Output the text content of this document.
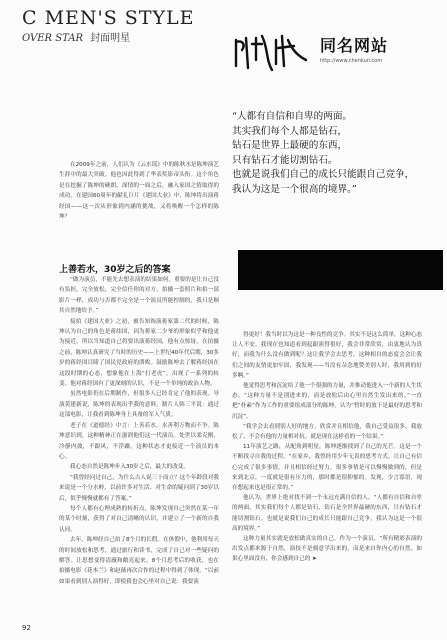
C MEN'S STYLE
OVER STAR 封面明星	同名网站
http://www.chenkun.com

在2009年之前，人们认为《云水谣》中的陈秋水是陈坤演艺生涯中的最大突破。他也因此得到了华表奖影帝头衔。这个角色是在挖掘了陈坤的硬朗、深情的一面之后，融入家国之情取得的成功。在建国60周年的献礼巨片《建国大业》中，陈坤将出演蒋经国——这一次从形象到内涵的挑战，又将唤醒一个怎样的陈坤？

上善若水，30岁之后的答案

“做为演员，不能先去想表演的结果如何。重要的是让自己没有负担，完全放松，完全信任你的对方，拍摄一套照片和拍一部影片一样，成功与否都不完全是一个演员所能控制的，我只是顺其自然地给予。”

接拍《建国大业》之初，被告知饰演蒋家第二代的时候，陈坤认为自己的角色是蒋纬国，因为蒋家二少爷的形象似乎和他更为接近。所以当知道自己将要出演蒋经国，他有点惊讶。在拍摄之前，陈坤认真研究了当时的历史——上世纪40年代后期，30多岁的蒋经国目睹了国民党政府的溃败。鼓励陈坤去了解蒋经国在这段时期的心态，想象他在上海“打老虎”，出现了一系列的转变。他对蒋经国有了更深刻的认识，不是一个单纯的政治人物。

虽然电影仍在后期制作，但很多人已经肯定了他的表现。导演黄建新说，陈坤的表现出乎我的意料，制片人韩三平说：通过这部电影，让我看到陈坤身上具备的军人气质。

老子在《道德经》中言：上善若水。水善利万物而不争。陈坤意识到，这种精神正在滋润他们这一代演员。处世以柔克刚、冷静内敛，不跟风，不浮躁，这种状态才更接近一个演员的本心。

我心态自然是陈坤步入30岁之后，最大的改变。

“我曾经问过自己，为什么古人说三十而立？这个年龄段对我来说是一个分水岭，以前许多对生活、对生命的疑问到了30岁以后，似乎慢慢就都有了答案。”

每个人都有心理成熟的转折点。陈坤发现自己突然在某一年的某个时刻，获得了对自己清晰的认识，并建立了一个新的自我认同。

去年，陈坤经自己拍了8个月的长假。在休假中，他利用每天的时间放松和思考，通过旅行和读书，完成了自己对一些疑问的解答。让思想变得清澈和敞亮起来。8个月思考后的收获，也在拍摄电影《花木兰》和赵薇再次合作的过程中得到了体现。“以前如果看到别人演得好，即使我也会心里对自己说：我要演

“人都有自信和自卑的两面。

其实我们每个人都是钻石，

钻石是世界上最硬的东西，

只有钻石才能切割钻石。

也就是说我们自己的成长只能跟自己竞争，

我认为这是一个很高的境界。”

得更好！我当时以为这是一种良性的竞争。其实不是这么简单，这种心态让人不安。我现在也知道看到起跟演得很好，我会非常欣赏，由衷地认为真好，而我为什么没有做到呢？这让我学会去思考，这种相自的态度会会让我们之间的友情更加牢固，我发现——当没有杂念地赞美别人时，我用到的好多啊。”

他觉得思考和沉淀给了他一个很强的力量，并推动他进入一个新的人生状态。“这种力量不是别进来的，而是放松后由心里自然生发出来的。”一直把“朴素”作为工作的重要组成部分的陈坤，认为“暂时的放下是最好的思考和沉淀”。

“我学会去看到别人好的地方，欣赏并且相信他，我自己受益很多。我放松了，不会有他的力量相对抗。就是现在这样看的一个结果。”

11年演艺之路，从配角到明星，陈坤逐渐找到了自己的光芒。这是一个不断找寻自我的过程。“在家乡，我曾经用少年无畏的思考方式，让自己有信心完成了很多事情，并且相信经过努力，很多事情是可以慢慢做到的，但是来到北京，一度就是很有压力的，那时都是很抑郁的。发现，少言寡语，现在想起来也是很正常的。”

他认为，世界上绝对找不到一个永远充满自信的人。“人都有自信和自卑的两面。其实我们每个人都是钻石，钻石是全世界最硬的东西，只有钻石才能切割钻石。也就是说我们自己的成长只能跟自己竞争，我认为这是一个很高的境界。”

这种力量其实就是放松做真实的自己。作为一个演员，“所有精彩表演的出发点都来源于自然，演技不是刻意学出来的，而是来自你内心的自然。如果心里面没有，你会感到自己的 ➤

92
